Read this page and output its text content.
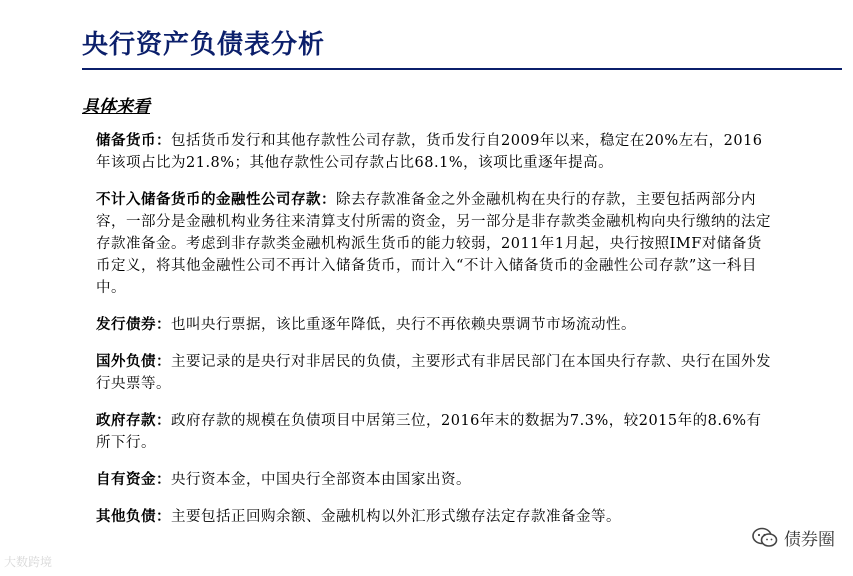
央行资产负债表分析
具体来看

储备货币：包括货币发行和其他存款性公司存款，货币发行自2009年以来，稳定在20%左右，2016年该项占比为21.8%；其他存款性公司存款占比68.1%，该项比重逐年提高。

不计入储备货币的金融性公司存款：除去存款准备金之外金融机构在央行的存款，主要包括两部分内容，一部分是金融机构业务往来清算支付所需的资金，另一部分是非存款类金融机构向央行缴纳的法定存款准备金。考虑到非存款类金融机构派生货币的能力较弱，2011年1月起，央行按照IMF对储备货币定义，将其他金融性公司不再计入储备货币，而计入“不计入储备货币的金融性公司存款”这一科目中。

发行债券：也叫央行票据，该比重逐年降低，央行不再依赖央票调节市场流动性。

国外负债：主要记录的是央行对非居民的负债，主要形式有非居民部门在本国央行存款、央行在国外发行央票等。

政府存款：政府存款的规模在负债项目中居第三位，2016年末的数据为7.3%，较2015年的8.6%有所下行。

自有资金：央行资本金，中国央行全部资本由国家出资。

其他负债：主要包括正回购余额、金融机构以外汇形式缴存法定存款准备金等。

大数跨境
债券圈
